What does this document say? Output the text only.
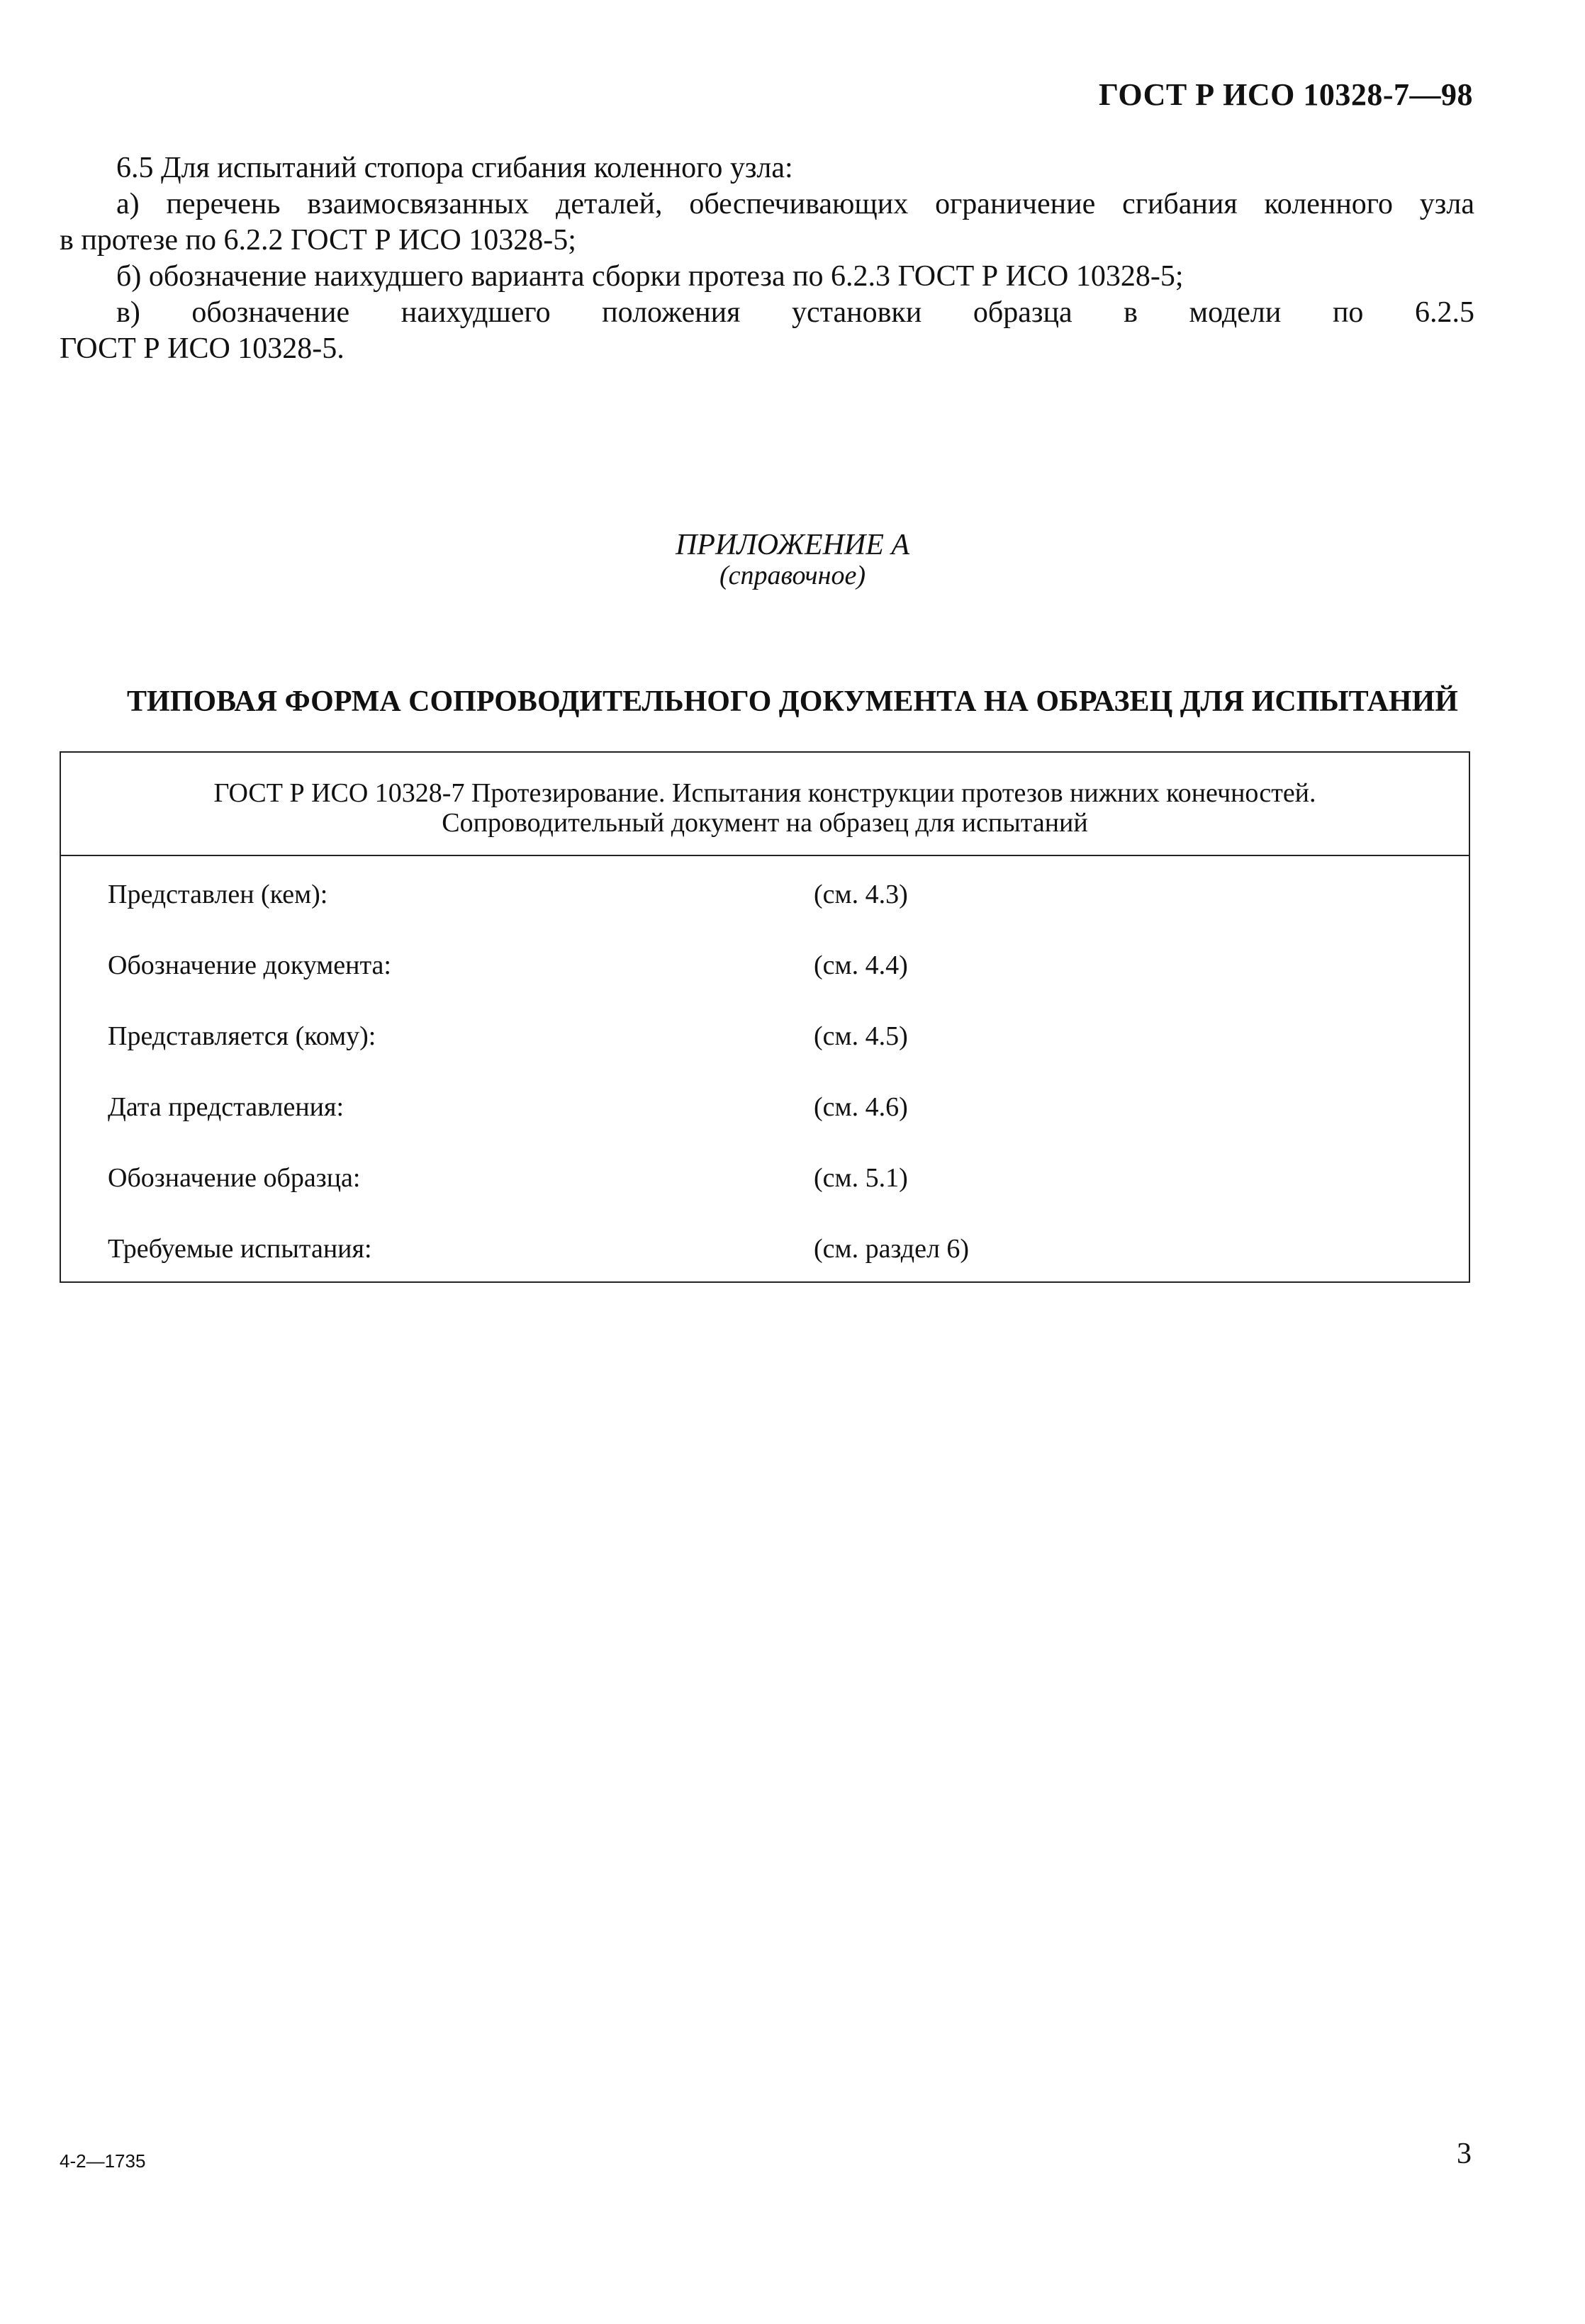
ГОСТ Р ИСО 10328-7—98

6.5 Для испытаний стопора сгибания коленного узла:

а) перечень взаимосвязанных деталей, обеспечивающих ограничение сгибания коленного узла

в протезе по 6.2.2 ГОСТ Р ИСО 10328-5;

б) обозначение наихудшего варианта сборки протеза по 6.2.3 ГОСТ Р ИСО 10328-5;

в) обозначение наихудшего положения установки образца в модели по 6.2.5

ГОСТ Р ИСО 10328-5.

ПРИЛОЖЕНИЕ А
(справочное)
ТИПОВАЯ ФОРМА СОПРОВОДИТЕЛЬНОГО ДОКУМЕНТА НА ОБРАЗЕЦ ДЛЯ ИСПЫТАНИЙ
ГОСТ Р ИСО 10328-7 Протезирование. Испытания конструкции протезов нижних конечностей.
Сопроводительный документ на образец для испытаний
Представлен (кем):	(см. 4.3)
Обозначение документа:	(см. 4.4)
Представляется (кому):	(см. 4.5)
Дата представления:	(см. 4.6)
Обозначение образца:	(см. 5.1)
Требуемые испытания:	(см. раздел 6)
4-2—1735	3
